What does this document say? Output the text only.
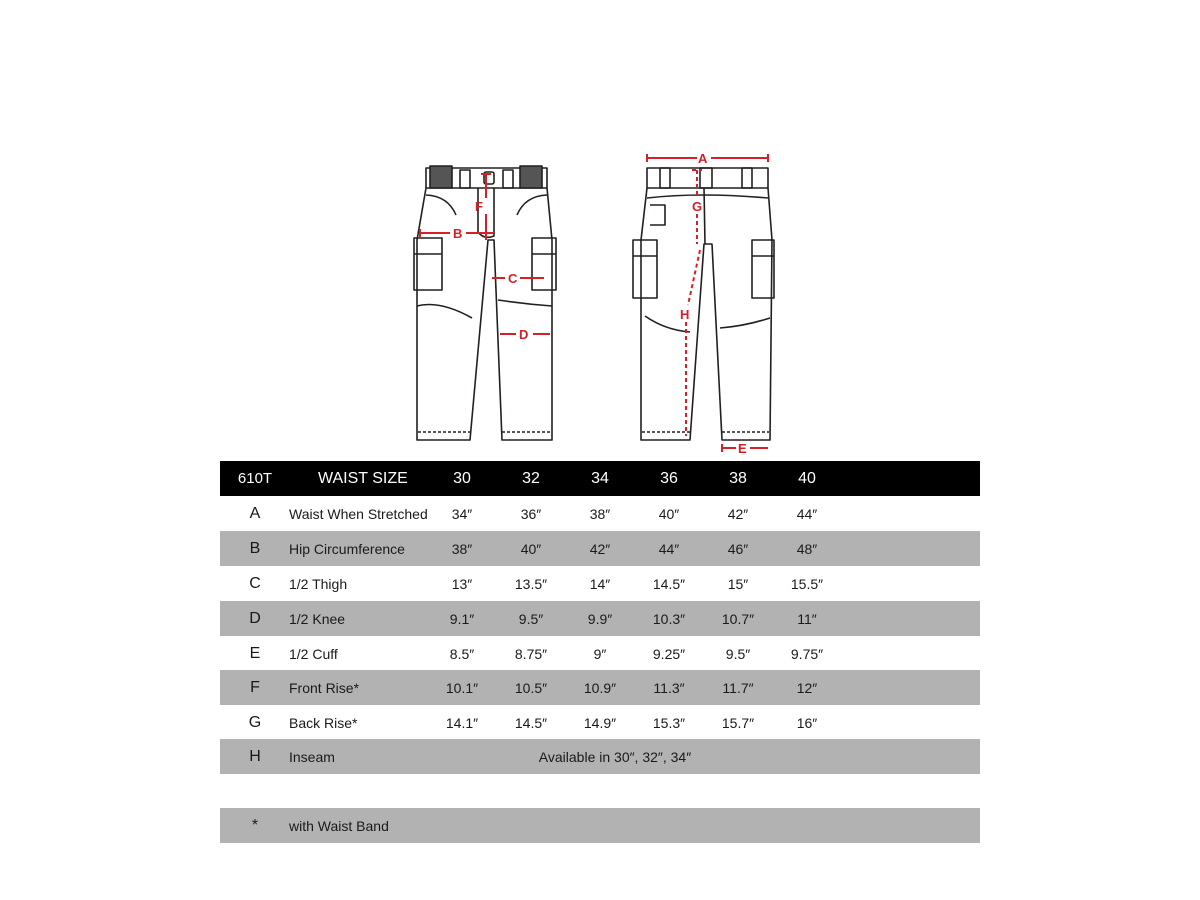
A
B
C
D
E
F	G
H
610T	WAIST SIZE	30	32	34	36	38	40
A	Waist When Stretched	34″	36″	38″	40″	42″	44″
B	Hip Circumference	38″	40″	42″	44″	46″	48″
C	1/2 Thigh	13″	13.5″	14″	14.5″	15″	15.5″
D	1/2 Knee	9.1″	9.5″	9.9″	10.3″	10.7″	11″
E	1/2 Cuff	8.5″	8.75″	9″	9.25″	9.5″	9.75″
F	Front Rise*	10.1″	10.5″	10.9″	11.3″	11.7″	12″
G	Back Rise*	14.1″	14.5″	14.9″	15.3″	15.7″	16″
H	Inseam	Available in 30″, 32″, 34″
*	with Waist Band
